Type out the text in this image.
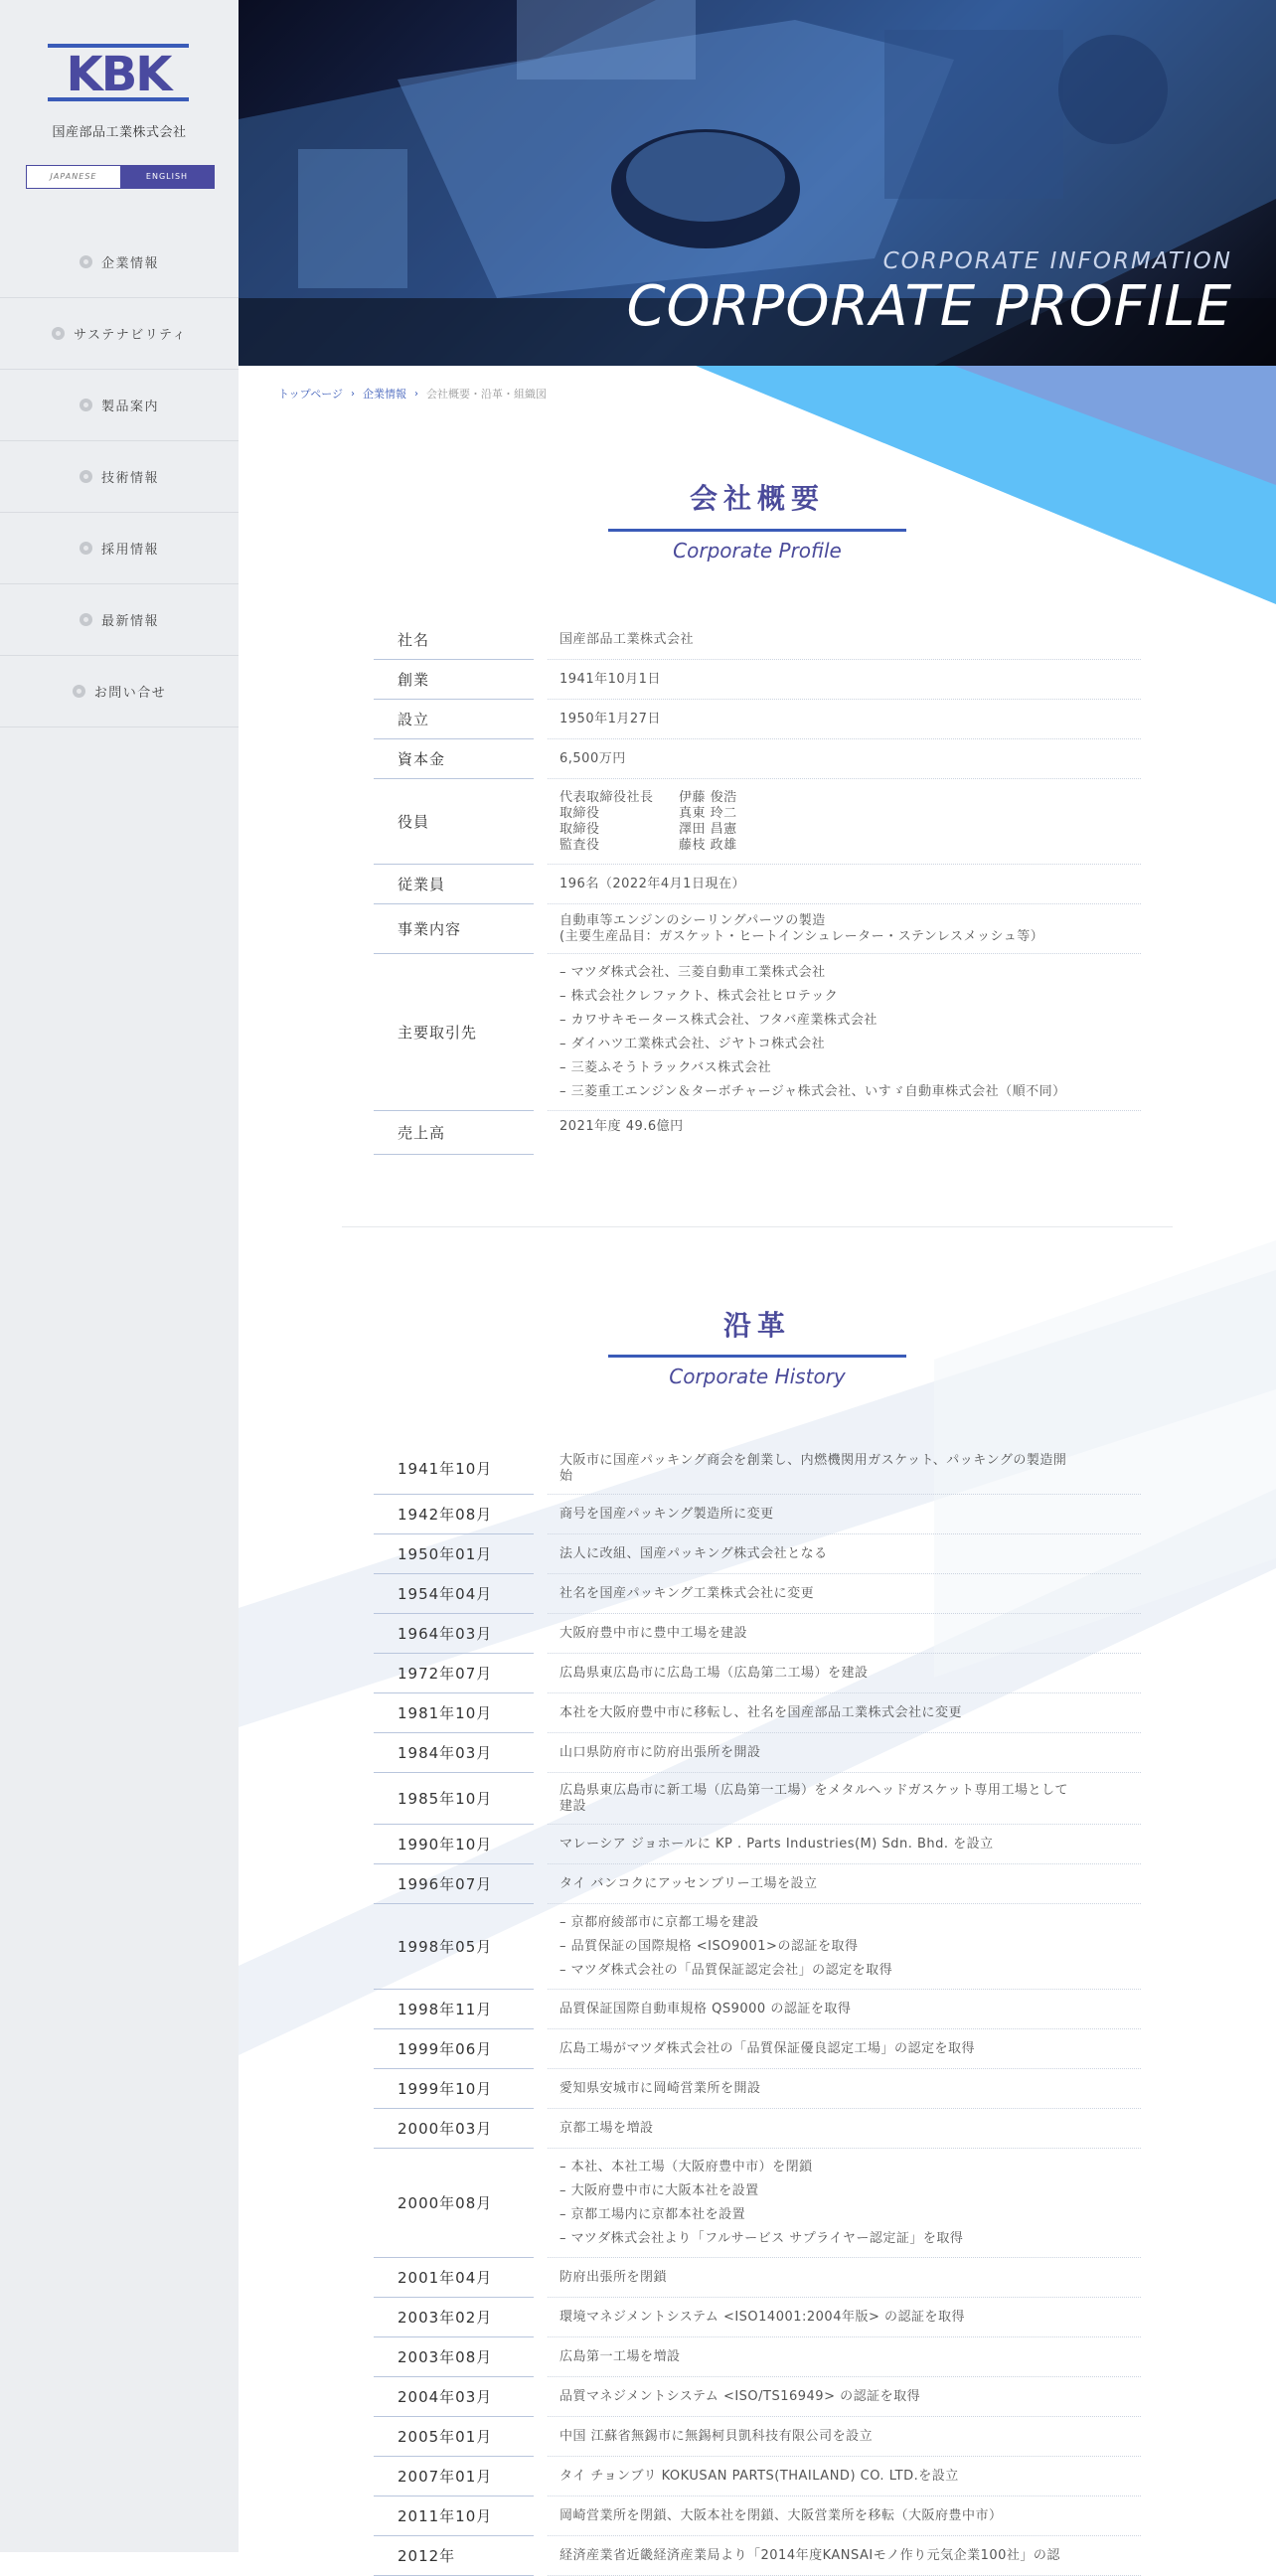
KBK
国産部品工業株式会社
JAPANESE	ENGLISH
企業情報
サステナビリティ
製品案内
技術情報
採用情報
最新情報
お問い合せ
CORPORATE INFORMATION
CORPORATE PROFILE
トップページ › 企業情報 › 会社概要・沿革・組織図
会社概要
Corporate Profile
社名	国産部品工業株式会社
創業	1941年10月1日
設立	1950年1月27日
資本金	6,500万円
役員
代表取締役社長	伊藤 俊浩
取締役	真東 玲二
取締役	澤田 昌憲
監査役	藤枝 政雄
従業員	196名（2022年4月1日現在）
事業内容	自動車等エンジンのシーリングパーツの製造
(主要生産品目：ガスケット・ヒートインシュレーター・ステンレスメッシュ等）
主要取引先
– マツダ株式会社、三菱自動車工業株式会社
– 株式会社クレファクト、株式会社ヒロテック
– カワサキモータース株式会社、フタバ産業株式会社
– ダイハツ工業株式会社、ジヤトコ株式会社
– 三菱ふそうトラックバス株式会社
– 三菱重工エンジン＆ターボチャージャ株式会社、いすゞ自動車株式会社（順不同）
売上高	2021年度 49.6億円
沿革
Corporate History
1941年10月	大阪市に国産パッキング商会を創業し、内燃機関用ガスケット、パッキングの製造開
始
1942年08月	商号を国産パッキング製造所に変更
1950年01月	法人に改組、国産パッキング株式会社となる
1954年04月	社名を国産パッキング工業株式会社に変更
1964年03月	大阪府豊中市に豊中工場を建設
1972年07月	広島県東広島市に広島工場（広島第二工場）を建設
1981年10月	本社を大阪府豊中市に移転し、社名を国産部品工業株式会社に変更
1984年03月	山口県防府市に防府出張所を開設
1985年10月	広島県東広島市に新工場（広島第一工場）をメタルヘッドガスケット専用工場として
建設
1990年10月	マレーシア ジョホールに KP . Parts Industries(M) Sdn. Bhd. を設立
1996年07月	タイ バンコクにアッセンブリー工場を設立
1998年05月
– 京都府綾部市に京都工場を建設
– 品質保証の国際規格 <ISO9001>の認証を取得
– マツダ株式会社の「品質保証認定会社」の認定を取得
1998年11月	品質保証国際自動車規格 QS9000 の認証を取得
1999年06月	広島工場がマツダ株式会社の「品質保証優良認定工場」の認定を取得
1999年10月	愛知県安城市に岡崎営業所を開設
2000年03月	京都工場を増設
2000年08月
– 本社、本社工場（大阪府豊中市）を閉鎖
– 大阪府豊中市に大阪本社を設置
– 京都工場内に京都本社を設置
– マツダ株式会社より「フルサービス サプライヤー認定証」を取得
2001年04月	防府出張所を閉鎖
2003年02月	環境マネジメントシステム <ISO14001:2004年版> の認証を取得
2003年08月	広島第一工場を増設
2004年03月	品質マネジメントシステム <ISO/TS16949> の認証を取得
2005年01月	中国 江蘇省無錫市に無錫柯貝凱科技有限公司を設立
2007年01月	タイ チョンブリ KOKUSAN PARTS(THAILAND) CO. LTD.を設立
2011年10月	岡崎営業所を閉鎖、大阪本社を閉鎖、大阪営業所を移転（大阪府豊中市）
2012年	経済産業省近畿経済産業局より「2014年度KANSAIモノ作り元気企業100社」の認
